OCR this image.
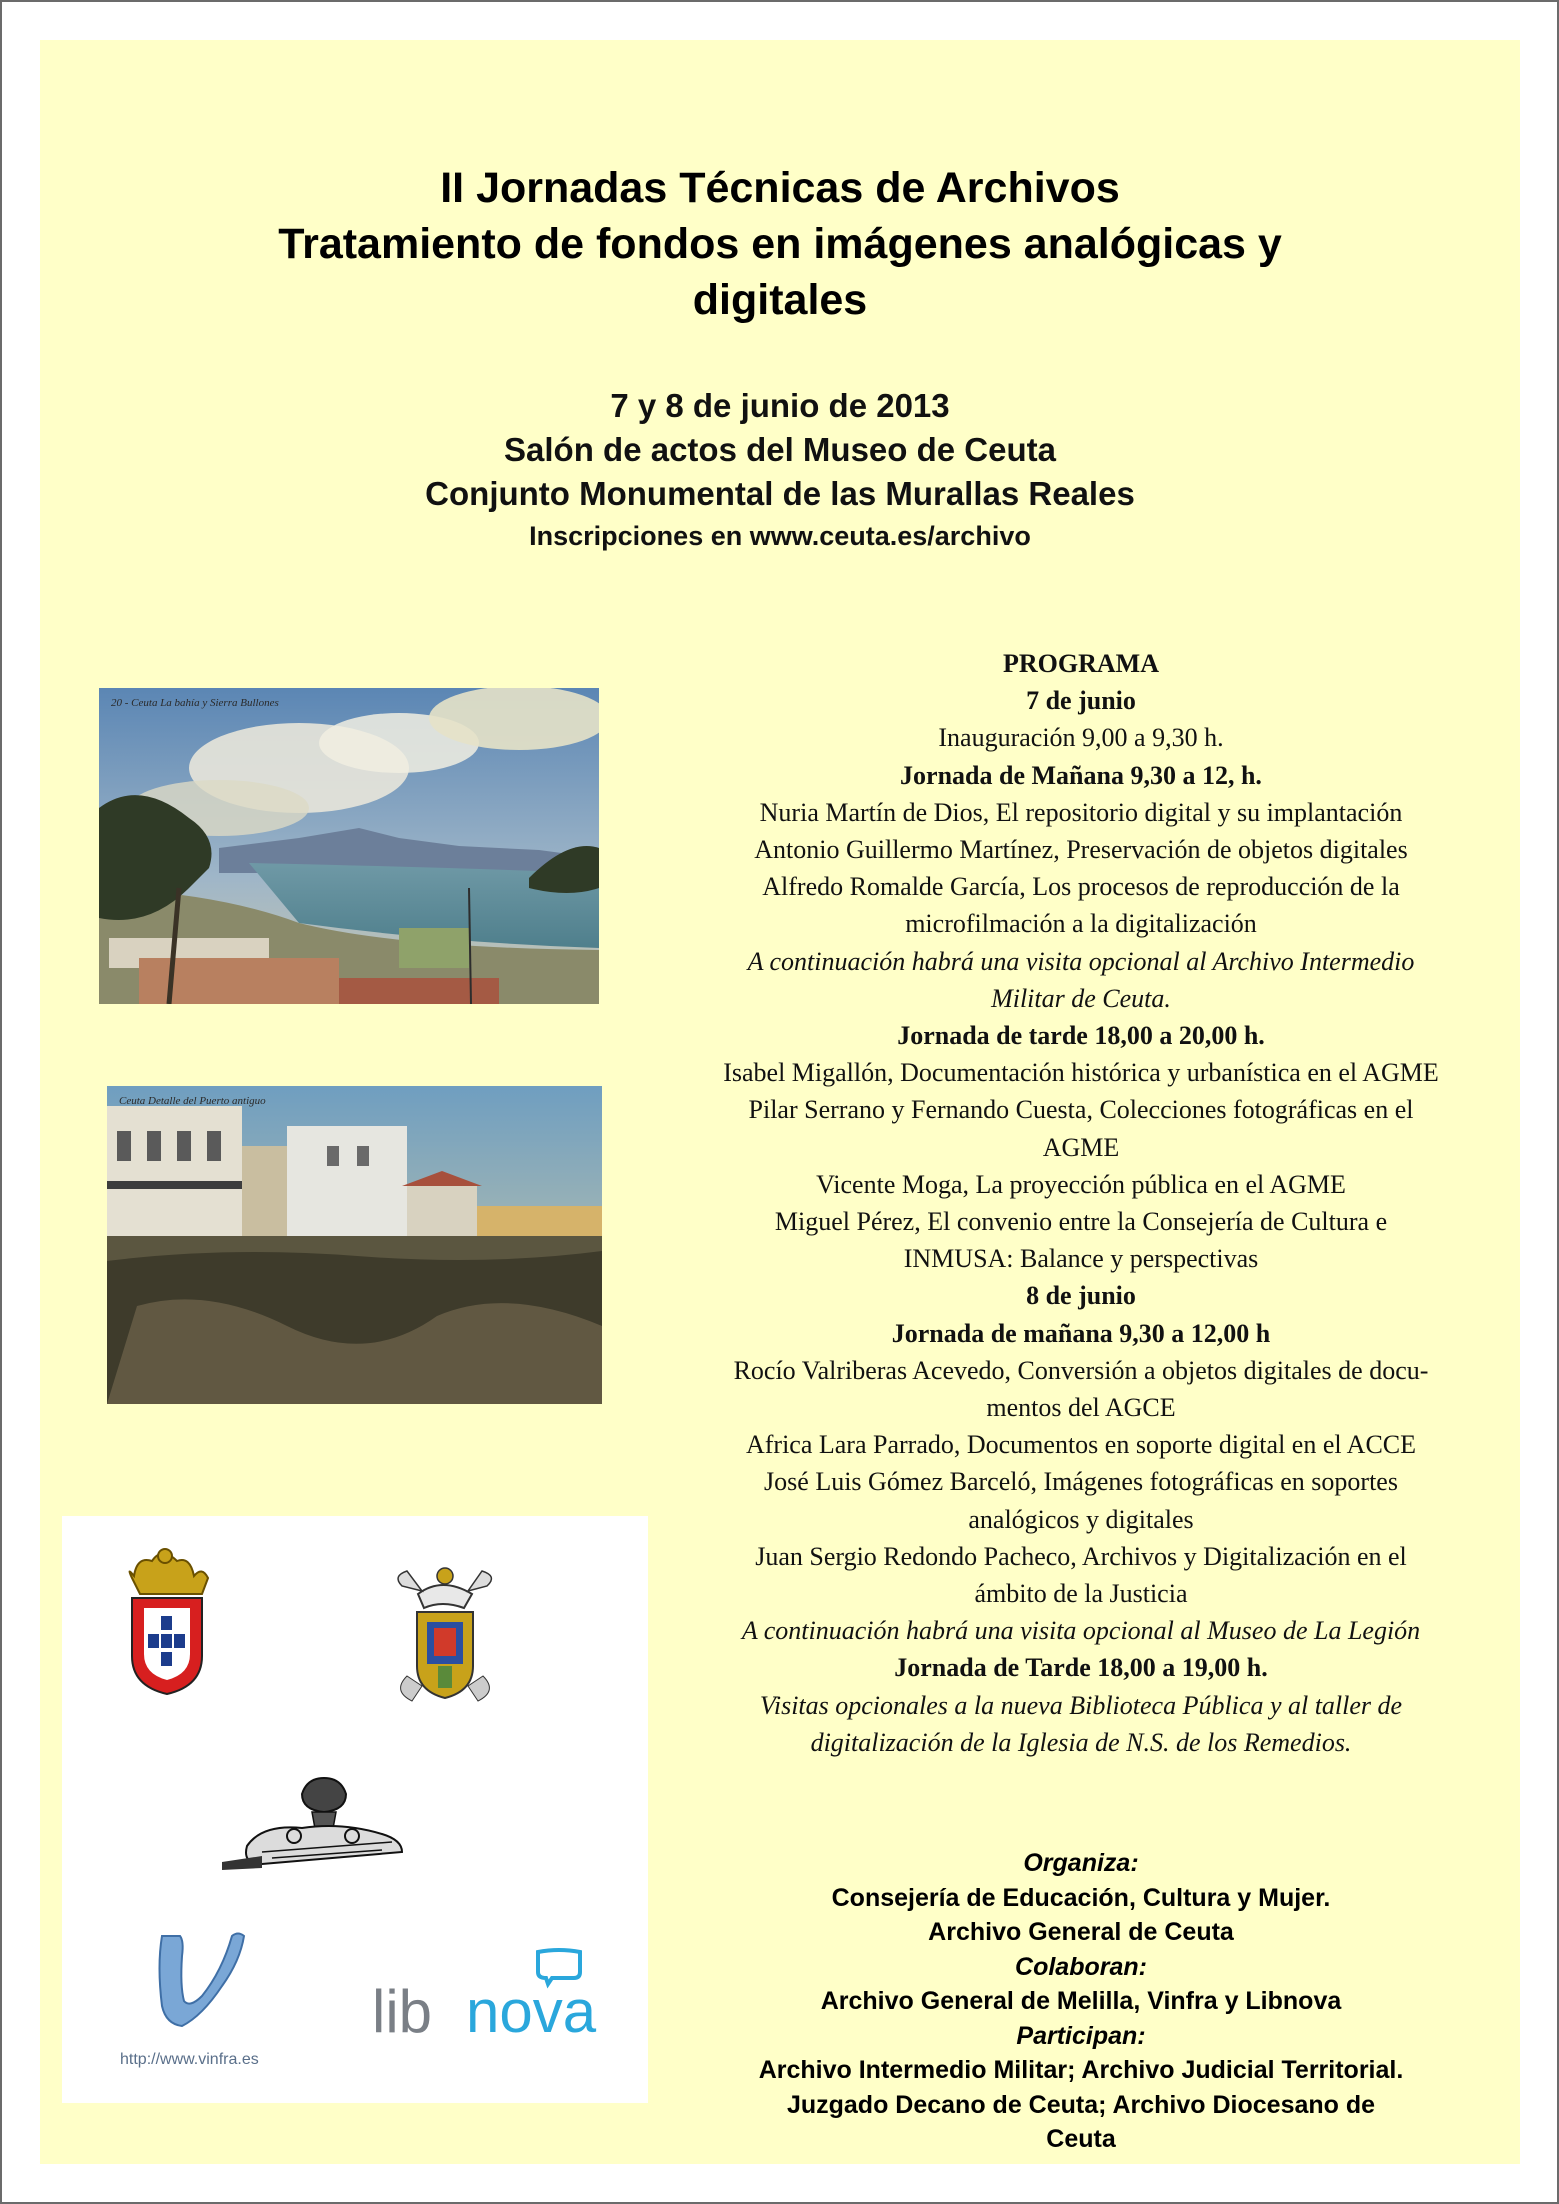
II Jornadas Técnicas de Archivos
Tratamiento de fondos en imágenes analógicas y
digitales
7 y 8 de junio de 2013
Salón de actos del Museo de Ceuta
Conjunto Monumental de las Murallas Reales
Inscripciones en www.ceuta.es/archivo
20 - Ceuta La bahía y Sierra Bullones
Ceuta Detalle del Puerto antiguo
http://www.vinfra.es
lib nova
PROGRAMA
7 de junio
Inauguración 9,00 a 9,30 h.
Jornada de Mañana 9,30 a 12, h.
Nuria Martín de Dios, El repositorio digital y su implantación
Antonio Guillermo Martínez, Preservación de objetos digitales
Alfredo Romalde García, Los procesos de reproducción de la
microfilmación a la digitalización
A continuación habrá una visita opcional al Archivo Intermedio
Militar de Ceuta.
Jornada de tarde 18,00 a 20,00 h.
Isabel Migallón, Documentación histórica y urbanística en el AGME
Pilar Serrano y Fernando Cuesta, Colecciones fotográficas en el
AGME
Vicente Moga, La proyección pública en el AGME
Miguel Pérez, El convenio entre la Consejería de Cultura e
INMUSA: Balance y perspectivas
8 de junio
Jornada de mañana 9,30 a 12,00 h
Rocío Valriberas Acevedo, Conversión a objetos digitales de docu-
mentos del AGCE
Africa Lara Parrado, Documentos en soporte digital en el ACCE
José Luis Gómez Barceló, Imágenes fotográficas en soportes
analógicos y digitales
Juan Sergio Redondo Pacheco, Archivos y Digitalización en el
ámbito de la Justicia
A continuación habrá una visita opcional al Museo de La Legión
Jornada de Tarde 18,00 a 19,00 h.
Visitas opcionales a la nueva Biblioteca Pública y al taller de
digitalización de la Iglesia de N.S. de los Remedios.
Organiza:
Consejería de Educación, Cultura y Mujer.
Archivo General de Ceuta
Colaboran:
Archivo General de Melilla, Vinfra y Libnova
Participan:
Archivo Intermedio Militar; Archivo Judicial Territorial.
Juzgado Decano de Ceuta; Archivo Diocesano de
Ceuta
